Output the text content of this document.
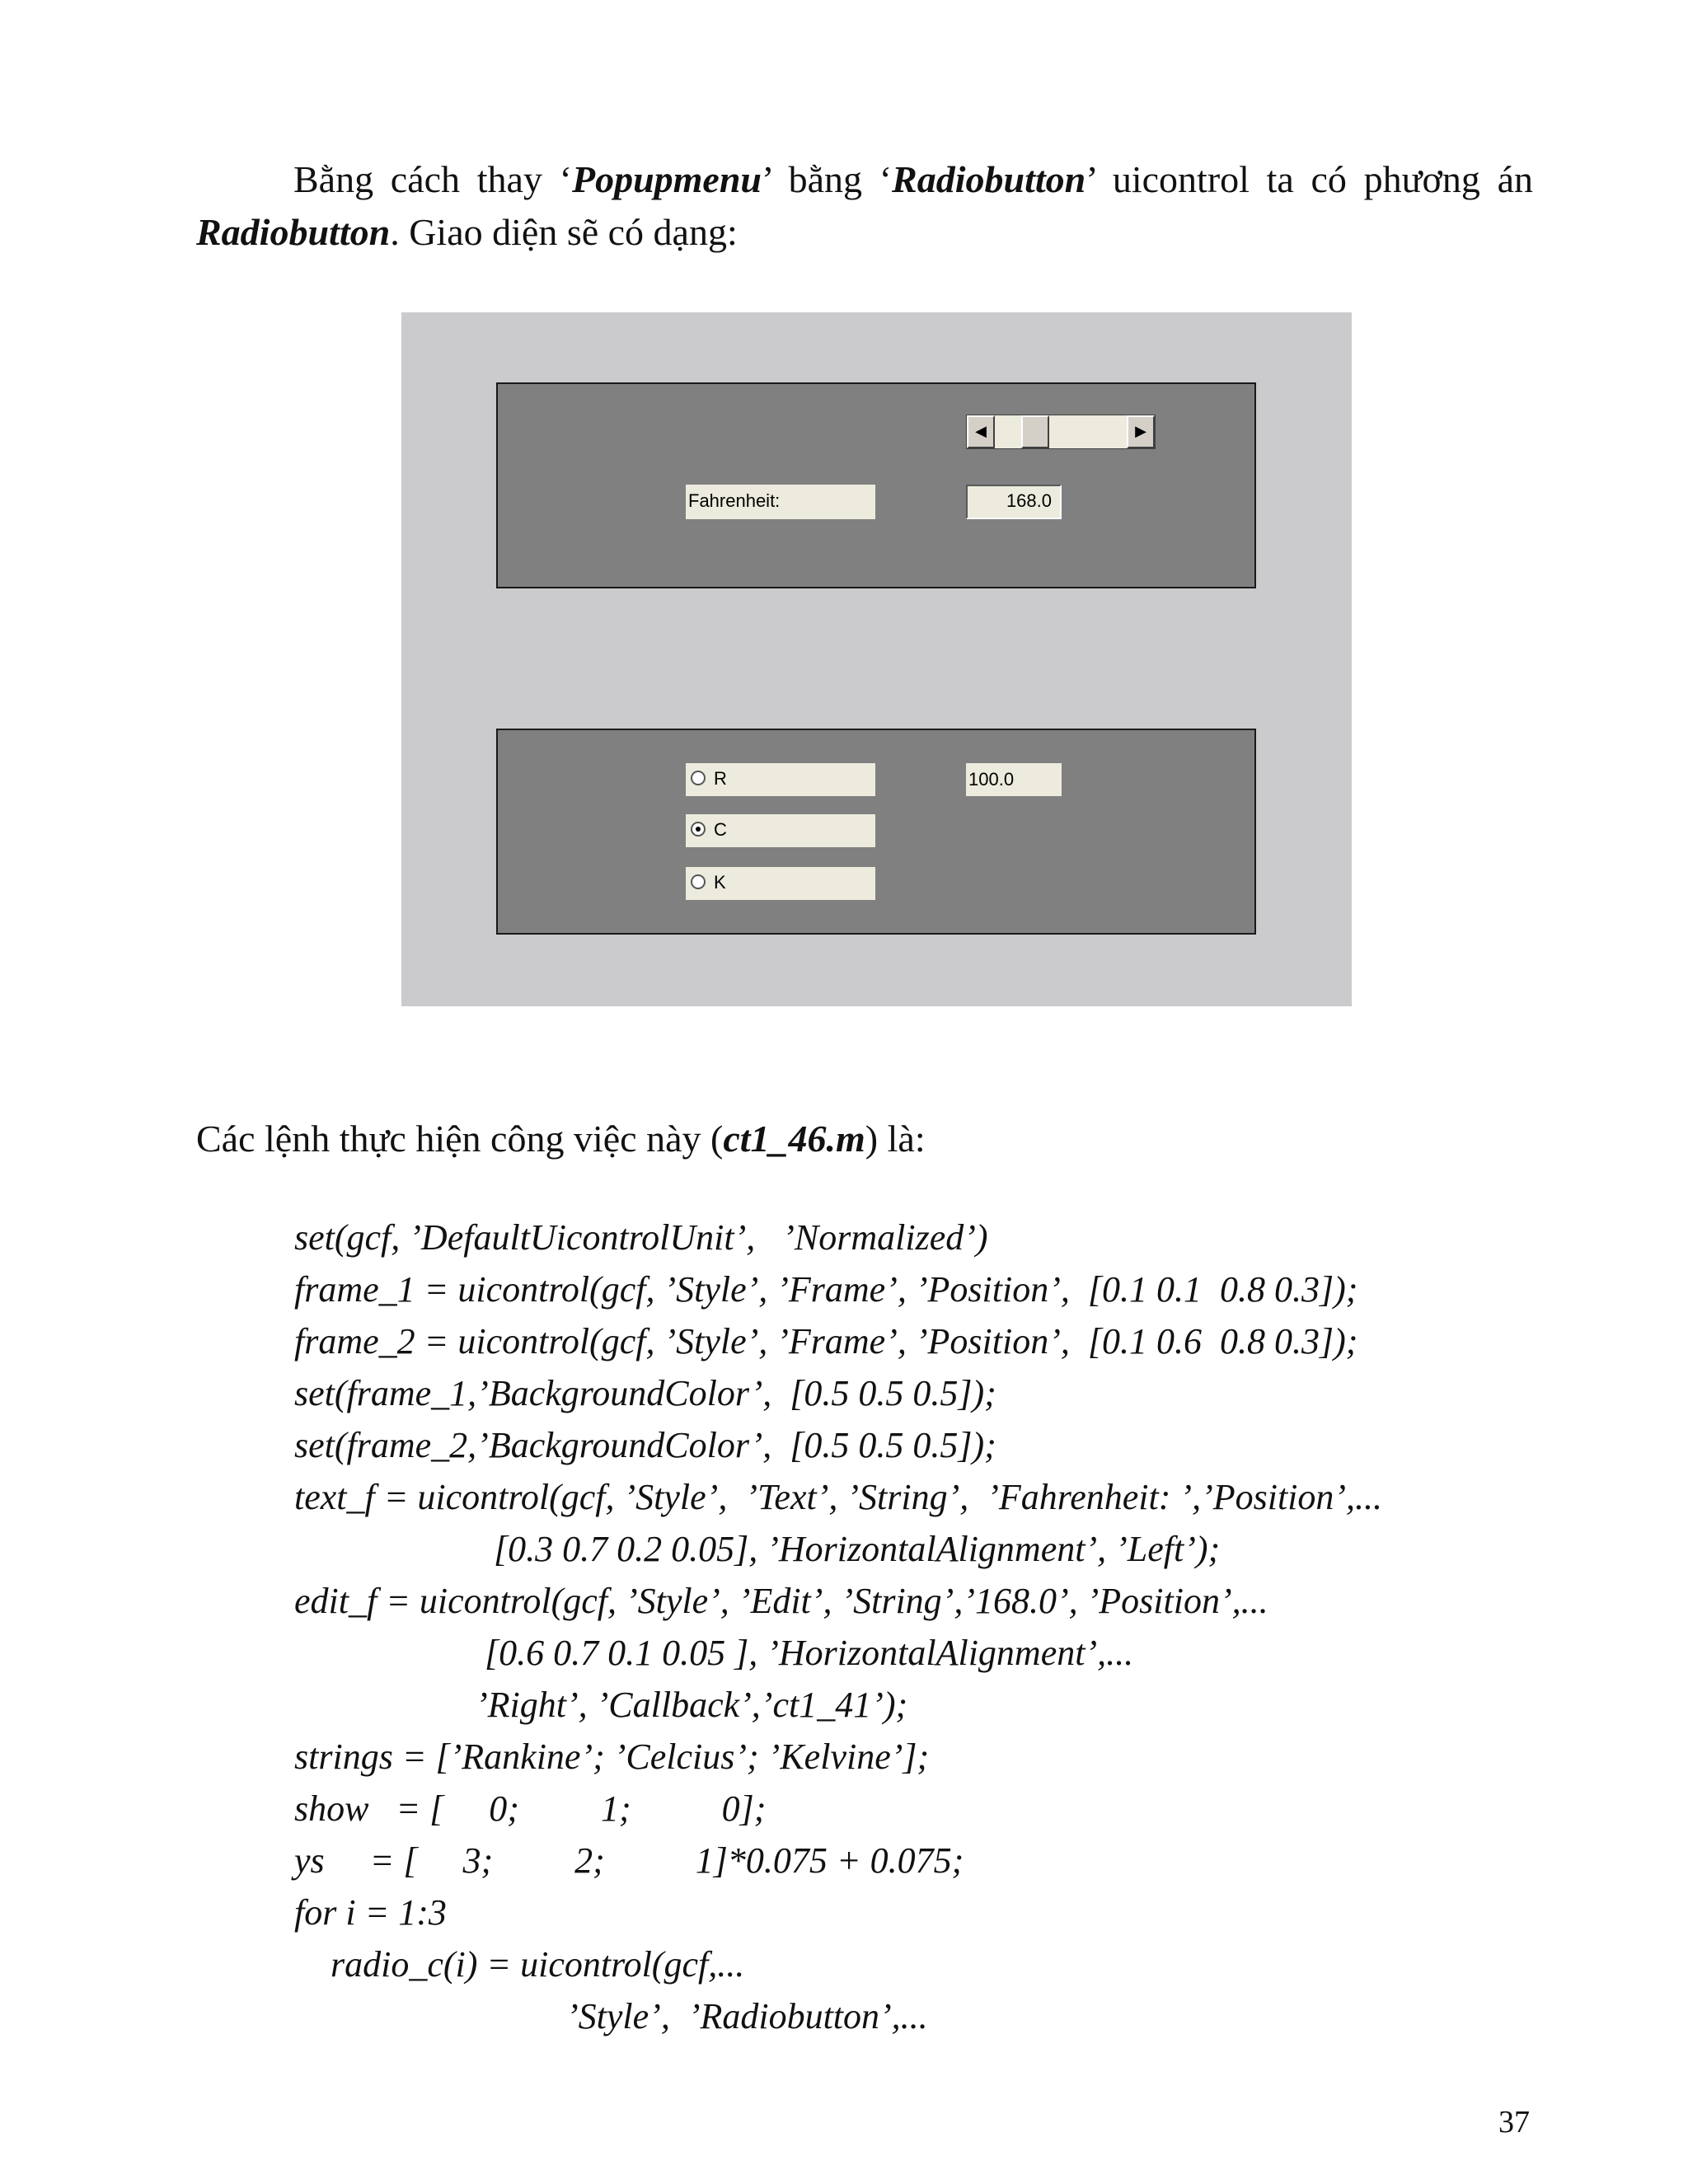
Bằng cách thay ‘Popupmenu’ bằng ‘Radiobutton’ uicontrol ta có phương án Radiobutton. Giao diện sẽ có dạng:
◀	▶
Fahrenheit:	168.0
R
C
K
100.0
Các lệnh thực hiện công việc này (ct1_46.m) là:
set(gcf, ’DefaultUicontrolUnit’,   ’Normalized’)
frame_1 = uicontrol(gcf, ’Style’, ’Frame’, ’Position’,  [0.1 0.1  0.8 0.3]);
frame_2 = uicontrol(gcf, ’Style’, ’Frame’, ’Position’,  [0.1 0.6  0.8 0.3]);
set(frame_1,’BackgroundColor’,  [0.5 0.5 0.5]);
set(frame_2,’BackgroundColor’,  [0.5 0.5 0.5]);
text_f = uicontrol(gcf, ’Style’,  ’Text’, ’String’,  ’Fahrenheit: ’,’Position’,...
[0.3 0.7 0.2 0.05], ’HorizontalAlignment’, ’Left’);
edit_f = uicontrol(gcf, ’Style’, ’Edit’, ’String’,’168.0’, ’Position’,...
[0.6 0.7 0.1 0.05 ], ’HorizontalAlignment’,...
’Right’, ’Callback’,’ct1_41’);
strings = [’Rankine’; ’Celcius’; ’Kelvine’];
show   = [     0;         1;          0];
ys     = [     3;         2;          1]*0.075 + 0.075;
for i = 1:3
radio_c(i) = uicontrol(gcf,...
’Style’,  ’Radiobutton’,...
37
